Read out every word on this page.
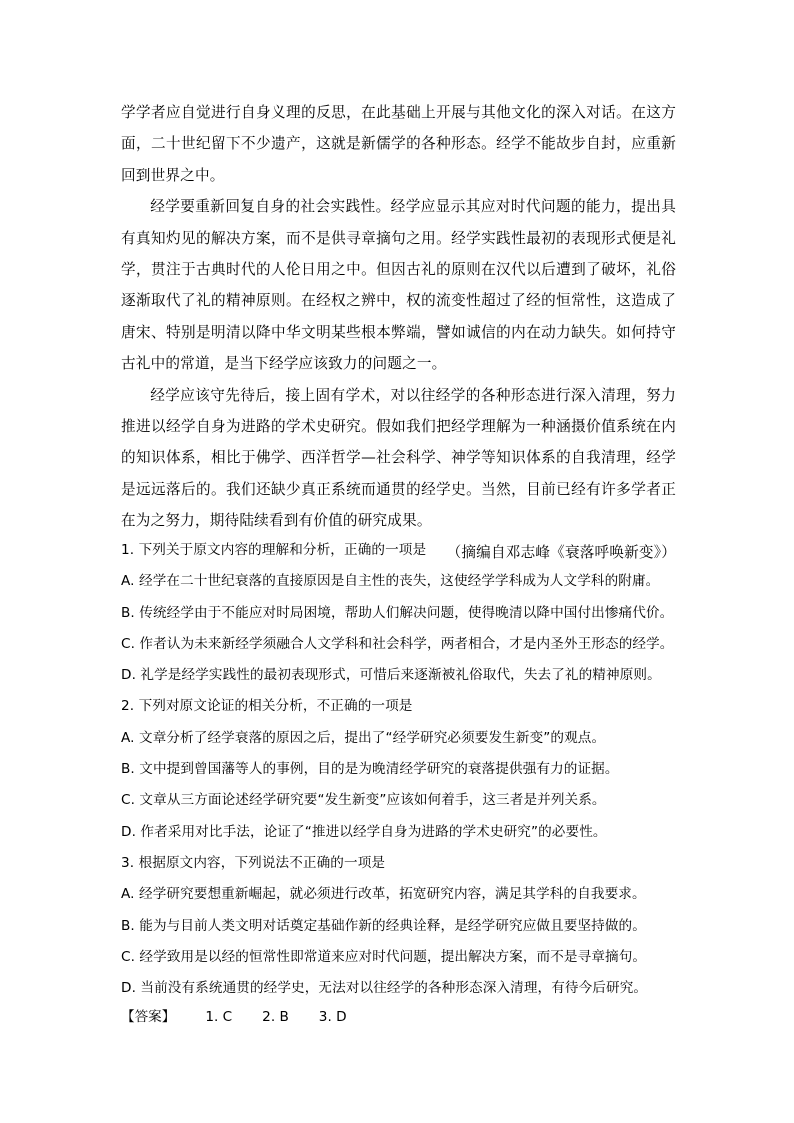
学学者应自觉进行自身义理的反思，在此基础上开展与其他文化的深入对话。在这方面，二十世纪留下不少遗产，这就是新儒学的各种形态。经学不能故步自封，应重新回到世界之中。

经学要重新回复自身的社会实践性。经学应显示其应对时代问题的能力，提出具有真知灼见的解决方案，而不是供寻章摘句之用。经学实践性最初的表现形式便是礼学，贯注于古典时代的人伦日用之中。但因古礼的原则在汉代以后遭到了破坏，礼俗逐渐取代了礼的精神原则。在经权之辨中，权的流变性超过了经的恒常性，这造成了唐宋、特别是明清以降中华文明某些根本弊端，譬如诚信的内在动力缺失。如何持守古礼中的常道，是当下经学应该致力的问题之一。

经学应该守先待后，接上固有学术，对以往经学的各种形态进行深入清理，努力推进以经学自身为进路的学术史研究。假如我们把经学理解为一种涵摄价值系统在内的知识体系，相比于佛学、西洋哲学—社会科学、神学等知识体系的自我清理，经学是远远落后的。我们还缺少真正系统而通贯的经学史。当然，目前已经有许多学者正在为之努力，期待陆续看到有价值的研究成果。

（摘编自邓志峰《衰落呼唤新变》）

1. 下列关于原文内容的理解和分析，正确的一项是

A. 经学在二十世纪衰落的直接原因是自主性的丧失，这使经学学科成为人文学科的附庸。

B. 传统经学由于不能应对时局困境，帮助人们解决问题，使得晚清以降中国付出惨痛代价。

C. 作者认为未来新经学须融合人文学科和社会科学，两者相合，才是内圣外王形态的经学。

D. 礼学是经学实践性的最初表现形式，可惜后来逐渐被礼俗取代，失去了礼的精神原则。

2. 下列对原文论证的相关分析，不正确的一项是

A. 文章分析了经学衰落的原因之后，提出了“经学研究必须要发生新变”的观点。

B. 文中提到曾国藩等人的事例，目的是为晚清经学研究的衰落提供强有力的证据。

C. 文章从三方面论述经学研究要“发生新变”应该如何着手，这三者是并列关系。

D. 作者采用对比手法，论证了“推进以经学自身为进路的学术史研究”的必要性。

3. 根据原文内容，下列说法不正确的一项是

A. 经学研究要想重新崛起，就必须进行改革，拓宽研究内容，满足其学科的自我要求。

B. 能为与目前人类文明对话奠定基础作新的经典诠释，是经学研究应做且要坚持做的。

C. 经学致用是以经的恒常性即常道来应对时代问题，提出解决方案，而不是寻章摘句。

D. 当前没有系统通贯的经学史，无法对以往经学的各种形态深入清理，有待今后研究。

【答案】 1. C 2. B 3. D
